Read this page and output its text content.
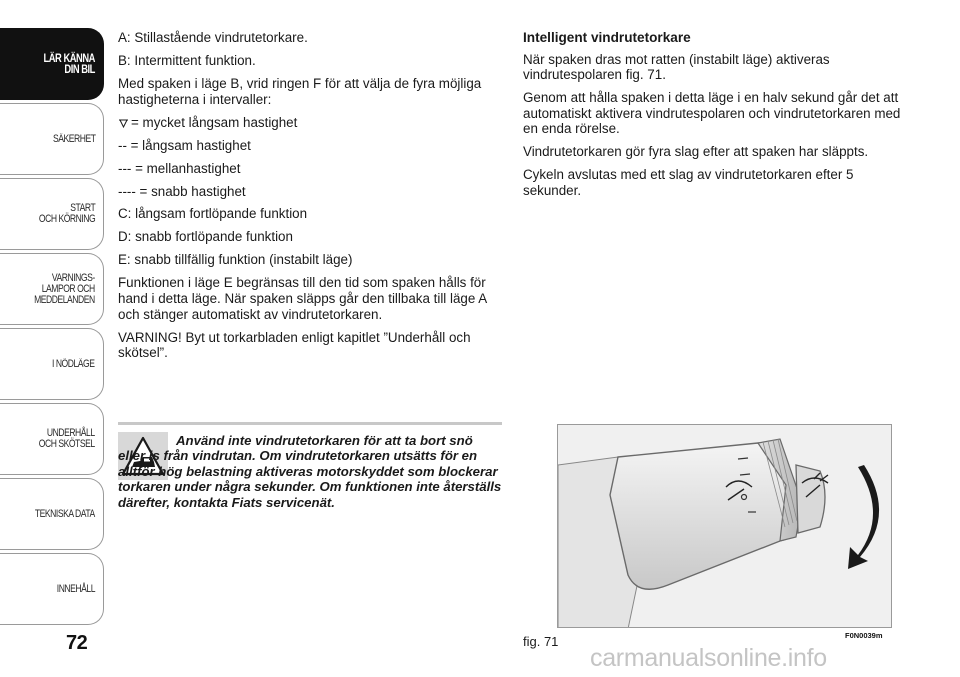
LÄR KÄNNA
DIN BIL
SÄKERHET
START
OCH KÖRNING
VARNINGS-
LAMPOR OCH
MEDDELANDEN
I NÖDLÄGE
UNDERHÅLL
OCH SKÖTSEL
TEKNISKA DATA
INNEHÅLL
72

A: Stillastående vindrutetorkare.

B: Intermittent funktion.

Med spaken i läge B, vrid ringen F för att välja de fyra möjliga hastigheterna i intervaller:

= mycket långsam hastighet

-- = långsam hastighet

--- = mellanhastighet

---- = snabb hastighet

C: långsam fortlöpande funktion

D: snabb fortlöpande funktion

E: snabb tillfällig funktion (instabilt läge)

Funktionen i läge E begränsas till den tid som spaken hålls för hand i detta läge. När spaken släpps går den tillbaka till läge A och stänger automatiskt av vindrutetorkaren.

VARNING! Byt ut torkarbladen enligt kapitlet ”Underhåll och skötsel”.

Använd inte vindrutetorkaren för att ta bort snö eller is från vindrutan. Om vindrutetorkaren utsätts för en alltför hög belastning aktiveras motorskyddet som blockerar torkaren under några sekunder. Om funktionen inte återställs därefter, kontakta Fiats servicenät.
Intelligent vindrutetorkare

När spaken dras mot ratten (instabilt läge) aktiveras vindrutespolaren fig. 71.

Genom att hålla spaken i detta läge i en halv sekund går det att automatiskt aktivera vindrutespolaren och vindrutetorkaren med en enda rörelse.

Vindrutetorkaren gör fyra slag efter att spaken har släppts.

Cykeln avslutas med ett slag av vindrutetorkaren efter 5 sekunder.

fig. 71	F0N0039m
carmanualsonline.info
